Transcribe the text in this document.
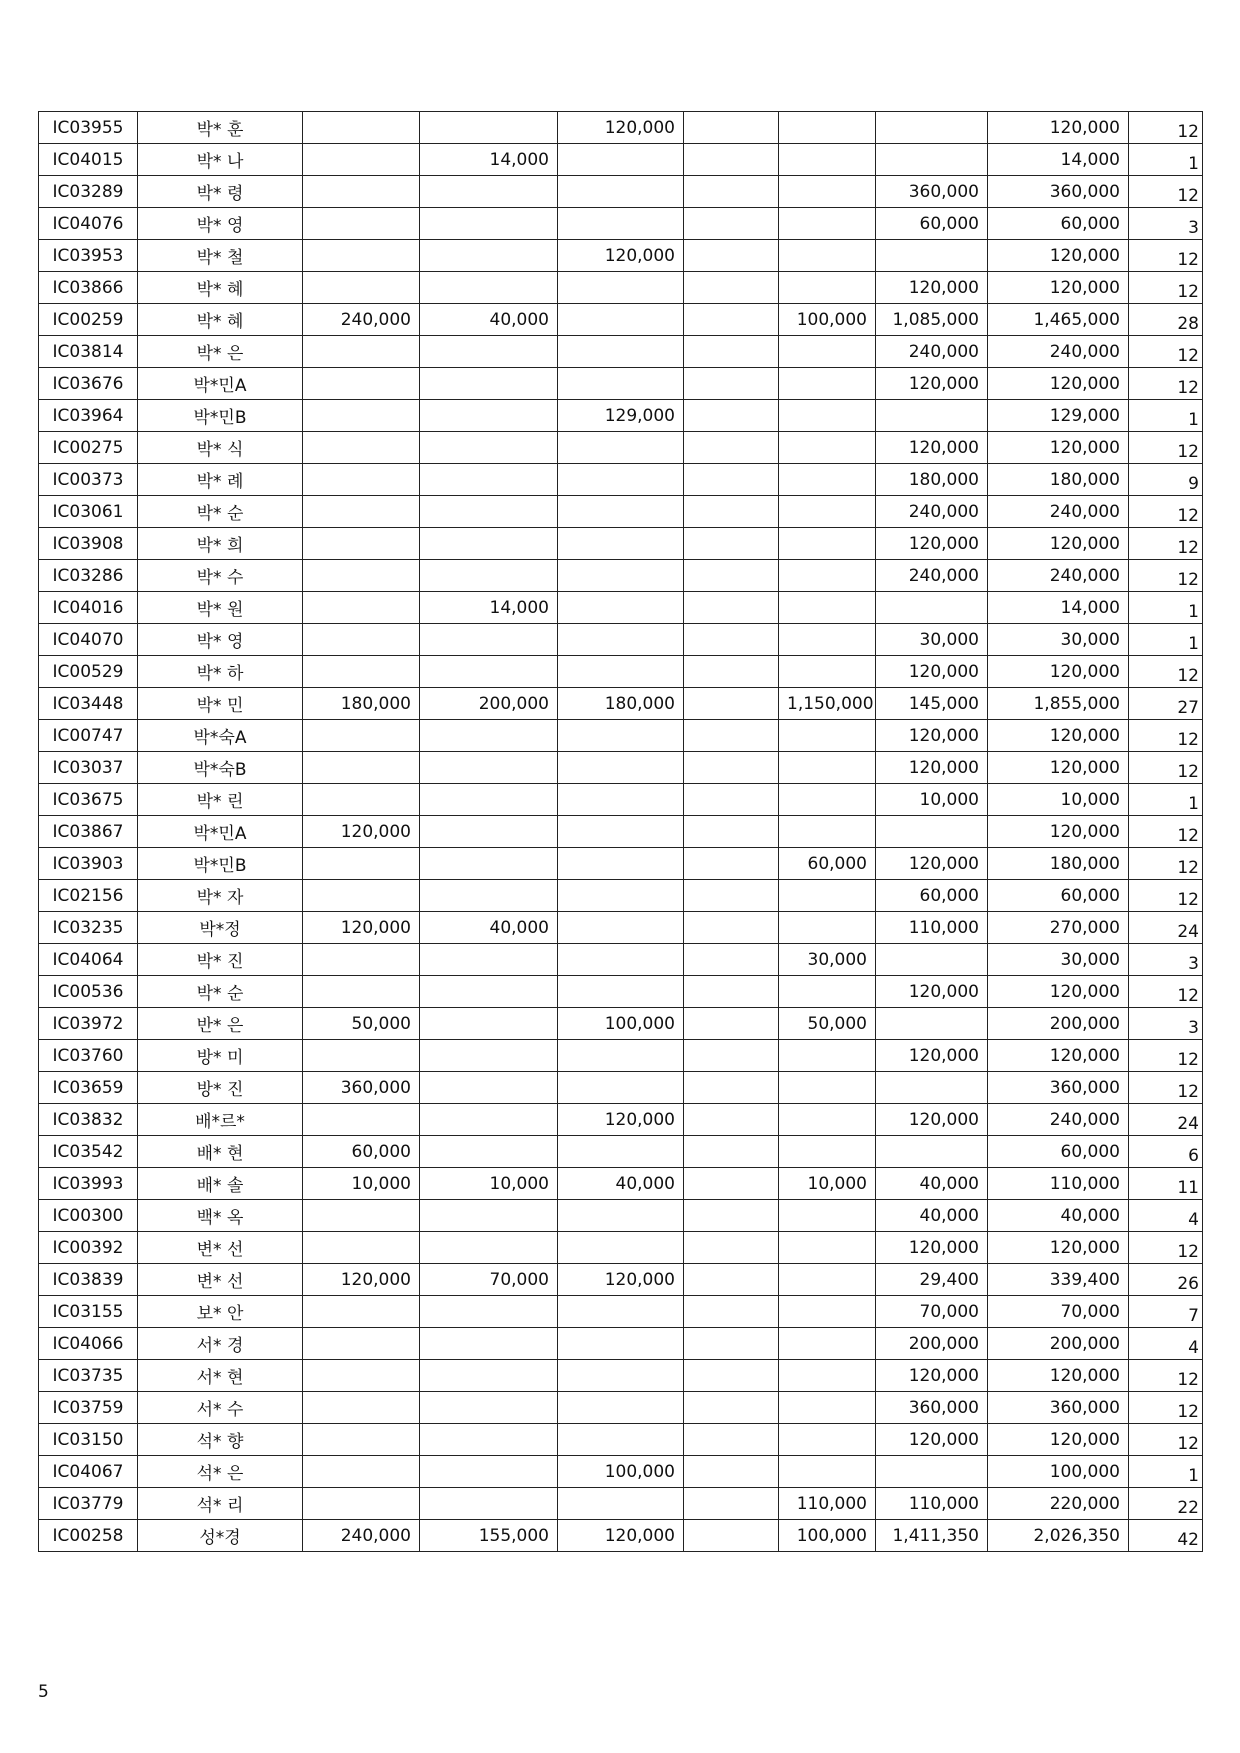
IC03955	박* 훈			120,000				120,000	12
IC04015	박* 나		14,000					14,000	1
IC03289	박* 령						360,000	360,000	12
IC04076	박* 영						60,000	60,000	3
IC03953	박* 철			120,000				120,000	12
IC03866	박* 혜						120,000	120,000	12
IC00259	박* 혜	240,000	40,000			100,000	1,085,000	1,465,000	28
IC03814	박* 은						240,000	240,000	12
IC03676	박*민A						120,000	120,000	12
IC03964	박*민B			129,000				129,000	1
IC00275	박* 식						120,000	120,000	12
IC00373	박* 례						180,000	180,000	9
IC03061	박* 순						240,000	240,000	12
IC03908	박* 희						120,000	120,000	12
IC03286	박* 수						240,000	240,000	12
IC04016	박* 원		14,000					14,000	1
IC04070	박* 영						30,000	30,000	1
IC00529	박* 하						120,000	120,000	12
IC03448	박* 민	180,000	200,000	180,000		1,150,000	145,000	1,855,000	27
IC00747	박*숙A						120,000	120,000	12
IC03037	박*숙B						120,000	120,000	12
IC03675	박* 린						10,000	10,000	1
IC03867	박*민A	120,000						120,000	12
IC03903	박*민B					60,000	120,000	180,000	12
IC02156	박* 자						60,000	60,000	12
IC03235	박*정	120,000	40,000				110,000	270,000	24
IC04064	박* 진					30,000		30,000	3
IC00536	박* 순						120,000	120,000	12
IC03972	반* 은	50,000		100,000		50,000		200,000	3
IC03760	방* 미						120,000	120,000	12
IC03659	방* 진	360,000						360,000	12
IC03832	배*르*			120,000			120,000	240,000	24
IC03542	배* 현	60,000						60,000	6
IC03993	배* 솔	10,000	10,000	40,000		10,000	40,000	110,000	11
IC00300	백* 옥						40,000	40,000	4
IC00392	변* 선						120,000	120,000	12
IC03839	변* 선	120,000	70,000	120,000			29,400	339,400	26
IC03155	보* 안						70,000	70,000	7
IC04066	서* 경						200,000	200,000	4
IC03735	서* 현						120,000	120,000	12
IC03759	서* 수						360,000	360,000	12
IC03150	석* 향						120,000	120,000	12
IC04067	석* 은			100,000				100,000	1
IC03779	석* 리					110,000	110,000	220,000	22
IC00258	성*경	240,000	155,000	120,000		100,000	1,411,350	2,026,350	42
5
